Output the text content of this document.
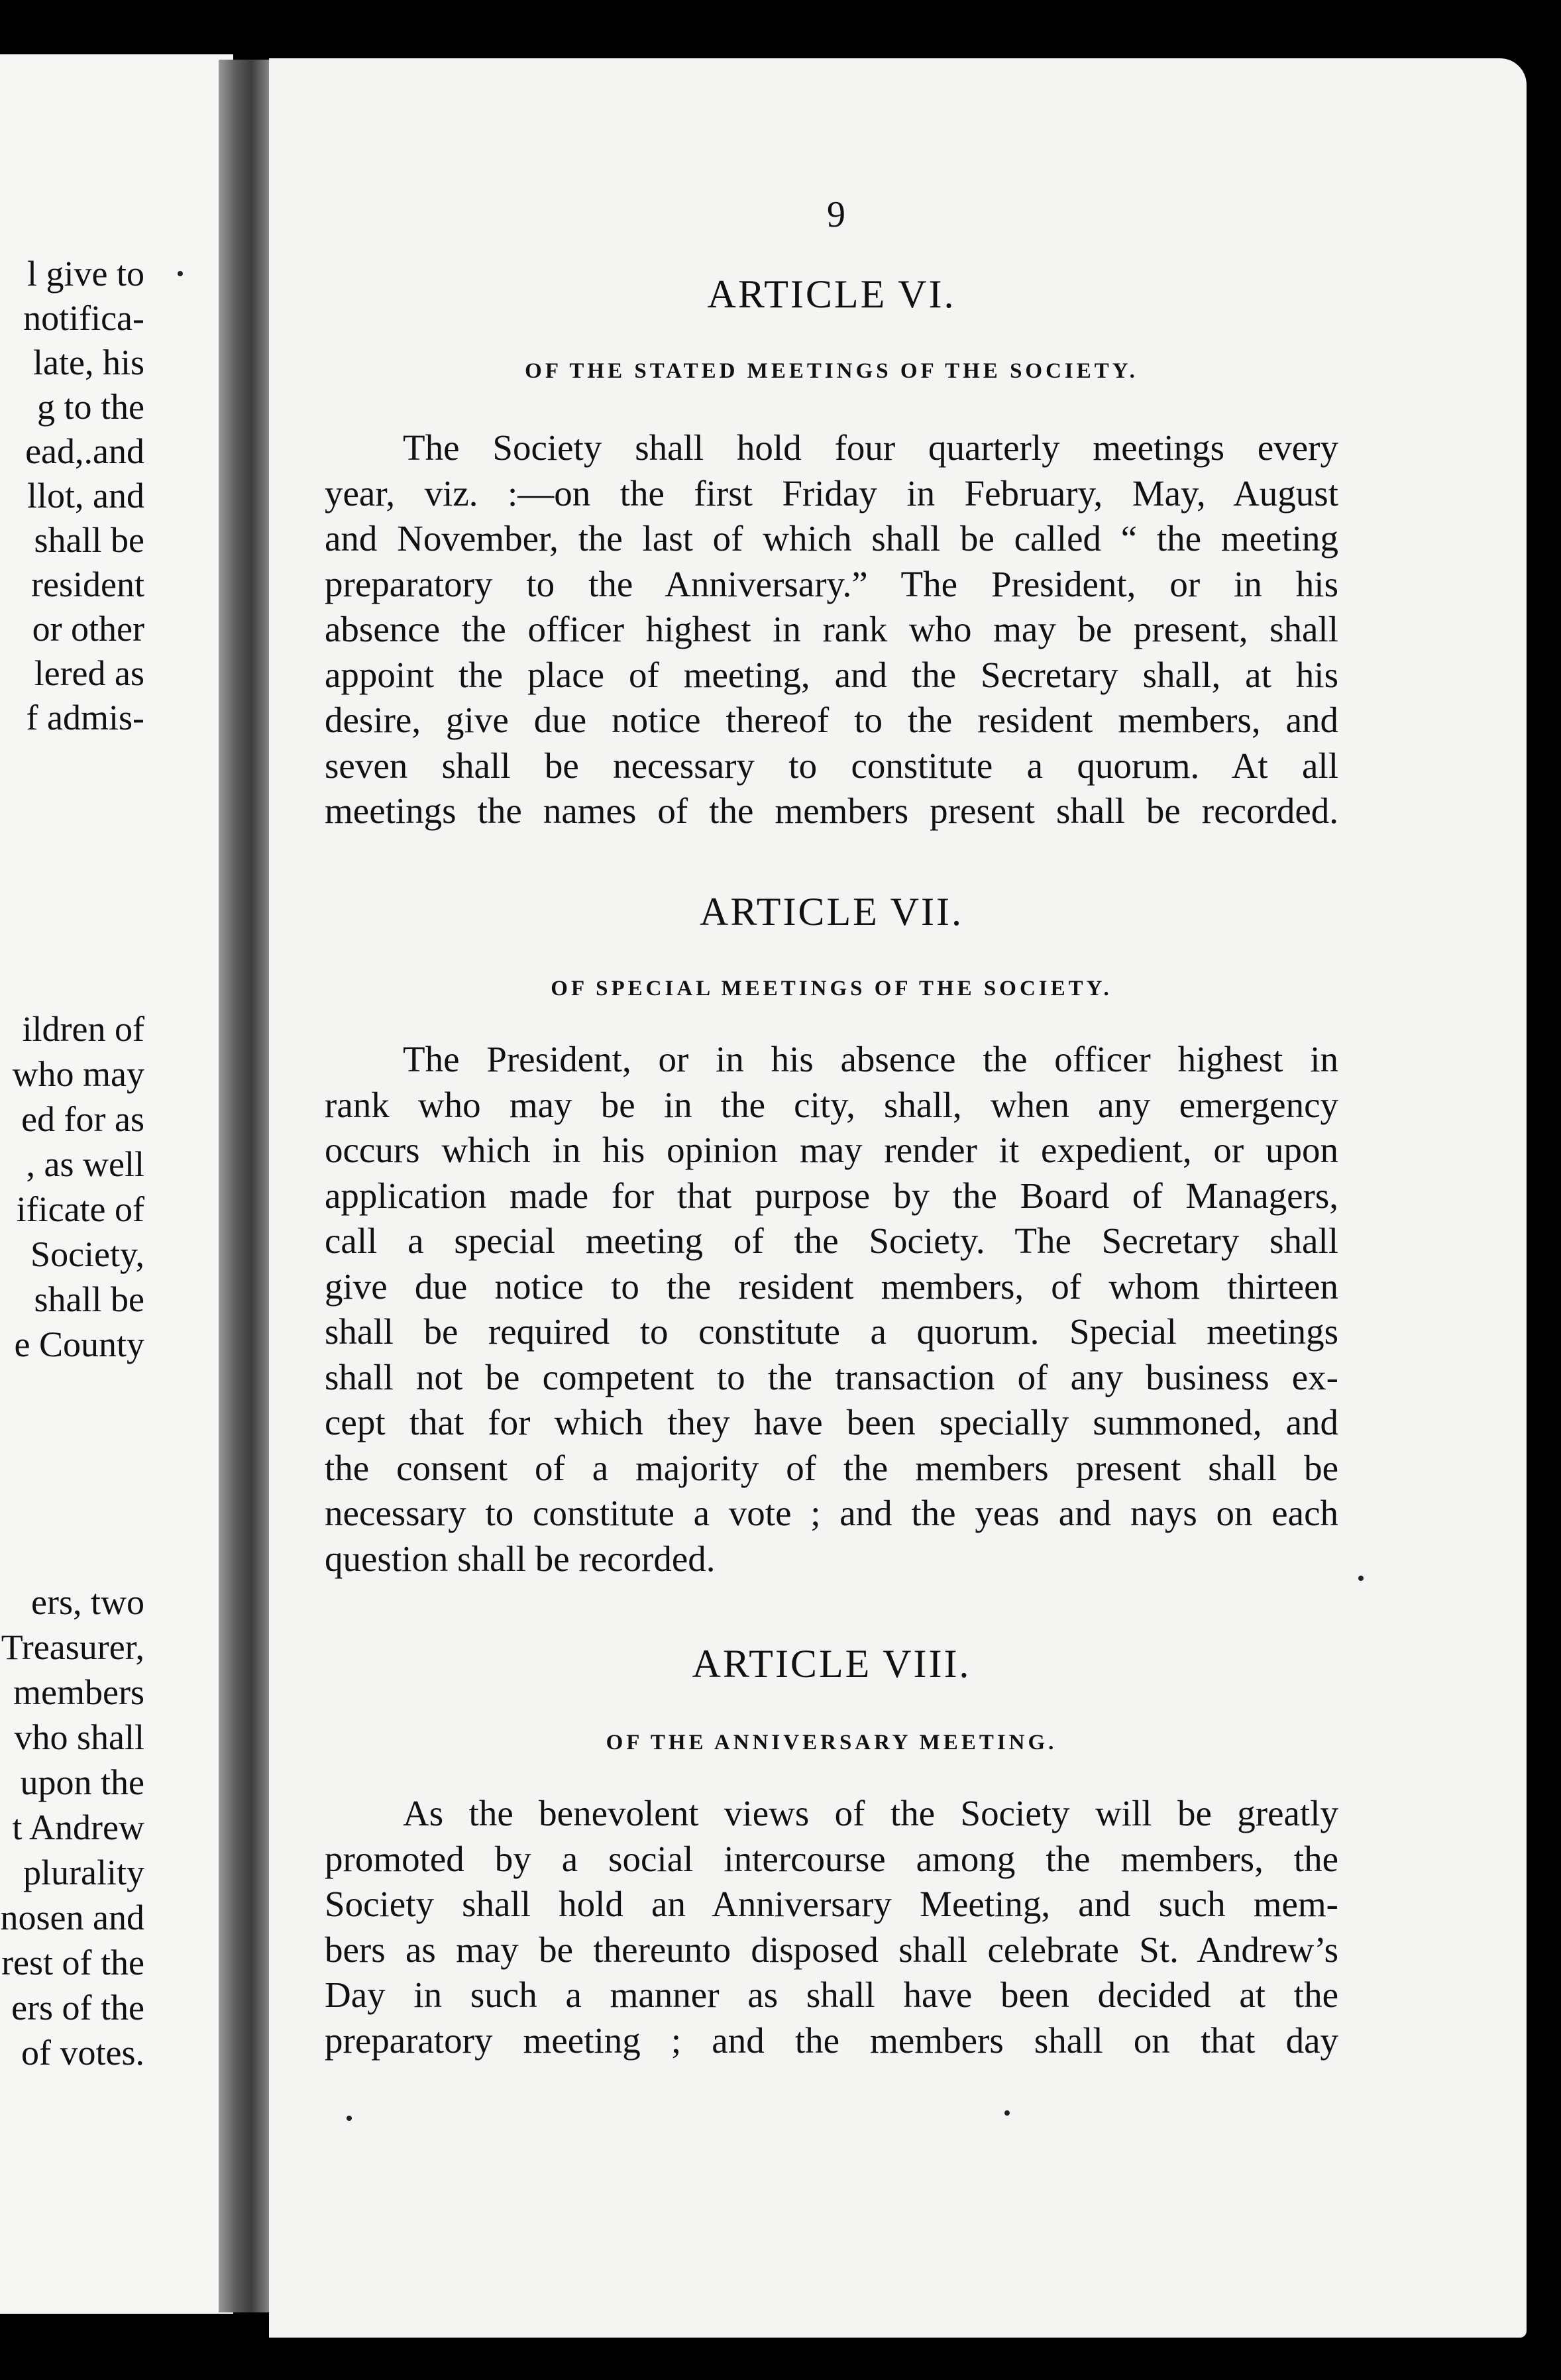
l give to
notifica-
late, his
g to the
ead,.and
llot, and
shall be
resident
or other
lered as
f admis-
ildren of
who may
ed for as
, as well
ificate of
Society,
shall be
e County
ers, two
Treasurer,
members
vho shall
upon the
t Andrew
plurality
nosen and
rest of the
ers of the
of votes.
9
ARTICLE VI.
OF THE STATED MEETINGS OF THE SOCIETY.
The Society shall hold four quarterly meetings every
year, viz. :—on the first Friday in February, May, August
and November, the last of which shall be called “ the meeting
preparatory to the Anniversary.” The President, or in his
absence the officer highest in rank who may be present, shall
appoint the place of meeting, and the Secretary shall, at his
desire, give due notice thereof to the resident members, and
seven shall be necessary to constitute a quorum. At all
meetings the names of the members present shall be recorded.
ARTICLE VII.
OF SPECIAL MEETINGS OF THE SOCIETY.
The President, or in his absence the officer highest in
rank who may be in the city, shall, when any emergency
occurs which in his opinion may render it expedient, or upon
application made for that purpose by the Board of Managers,
call a special meeting of the Society. The Secretary shall
give due notice to the resident members, of whom thirteen
shall be required to constitute a quorum. Special meetings
shall not be competent to the transaction of any business ex-
cept that for which they have been specially summoned, and
the consent of a majority of the members present shall be
necessary to constitute a vote ; and the yeas and nays on each
question shall be recorded.
ARTICLE VIII.
OF THE ANNIVERSARY MEETING.
As the benevolent views of the Society will be greatly
promoted by a social intercourse among the members, the
Society shall hold an Anniversary Meeting, and such mem-
bers as may be thereunto disposed shall celebrate St. Andrew’s
Day in such a manner as shall have been decided at the
preparatory meeting ; and the members shall on that day
